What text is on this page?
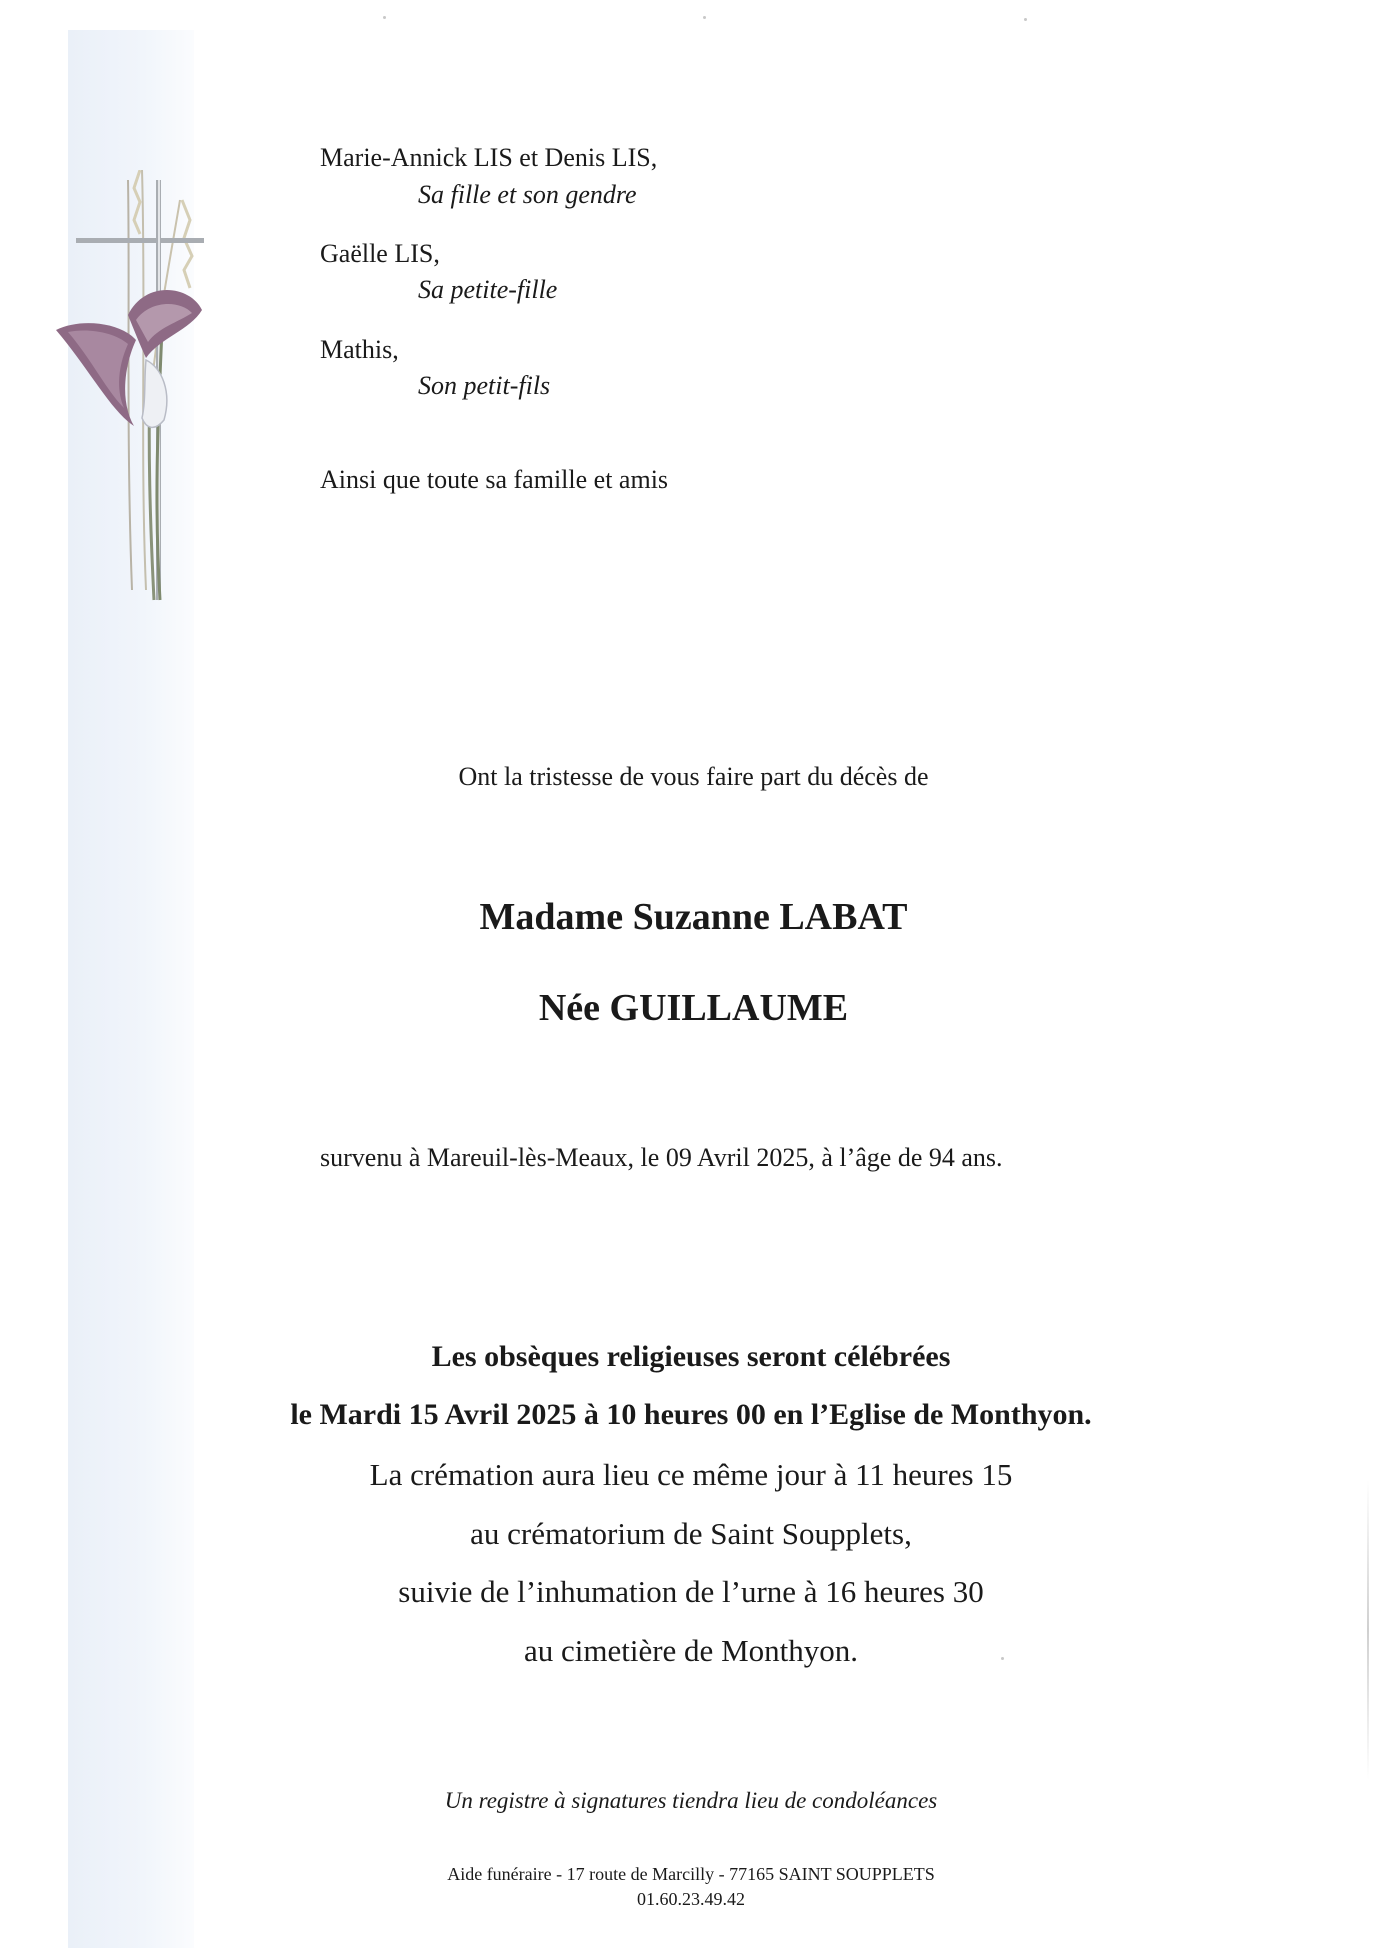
Marie-Annick LIS et Denis LIS,
Sa fille et son gendre
Gaëlle LIS,
Sa petite-fille
Mathis,
Son petit-fils
Ainsi que toute sa famille et amis
Ont la tristesse de vous faire part du décès de
Madame Suzanne LABAT
Née GUILLAUME
survenu à Mareuil-lès-Meaux, le 09 Avril 2025, à l’âge de 94 ans.
Les obsèques religieuses seront célébrées
le Mardi 15 Avril 2025 à 10 heures 00 en l’Eglise de Monthyon.
La crémation aura lieu ce même jour à 11 heures 15
au crématorium de Saint Soupplets,
suivie de l’inhumation de l’urne à 16 heures 30
au cimetière de Monthyon.
Un registre à signatures tiendra lieu de condoléances
Aide funéraire - 17 route de Marcilly - 77165 SAINT SOUPPLETS
01.60.23.49.42
